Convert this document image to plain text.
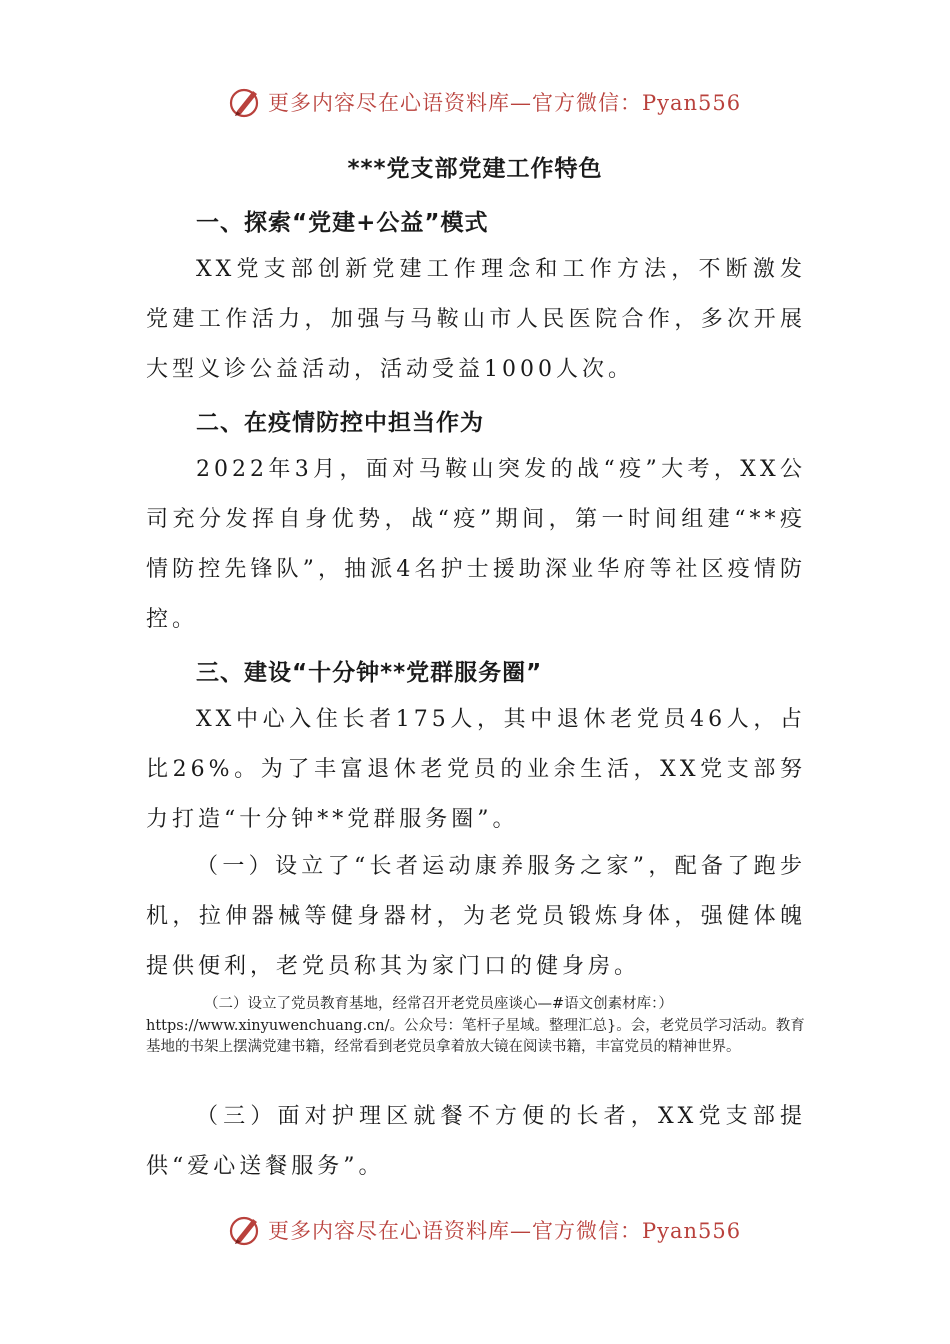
更多内容尽在心语资料库—官方微信：Pyan556
***党支部党建工作特色
一、探索“党建+公益”模式

XX党支部创新党建工作理念和工作方法，不断激发党建工作活力，加强与马鞍山市人民医院合作，多次开展大型义诊公益活动，活动受益1000人次。

二、在疫情防控中担当作为

2022年3月，面对马鞍山突发的战“疫”大考，XX公司充分发挥自身优势，战“疫”期间，第一时间组建“**疫情防控先锋队”，抽派4名护士援助深业华府等社区疫情防控。

三、建设“十分钟**党群服务圈”

XX中心入住长者175人，其中退休老党员46人，占比26%。为了丰富退休老党员的业余生活，XX党支部努力打造“十分钟**党群服务圈”。

（一）设立了“长者运动康养服务之家”，配备了跑步机，拉伸器械等健身器材，为老党员锻炼身体，强健体魄提供便利，老党员称其为家门口的健身房。

（二）设立了党员教育基地，经常召开老党员座谈心—#语文创素材库：）https://www.xinyuwenchuang.cn/。公众号：笔杆子星域。整理汇总}。会，老党员学习活动。教育基地的书架上摆满党建书籍，经常看到老党员拿着放大镜在阅读书籍，丰富党员的精神世界。

（三）面对护理区就餐不方便的长者，XX党支部提供“爱心送餐服务”。

更多内容尽在心语资料库—官方微信：Pyan556
